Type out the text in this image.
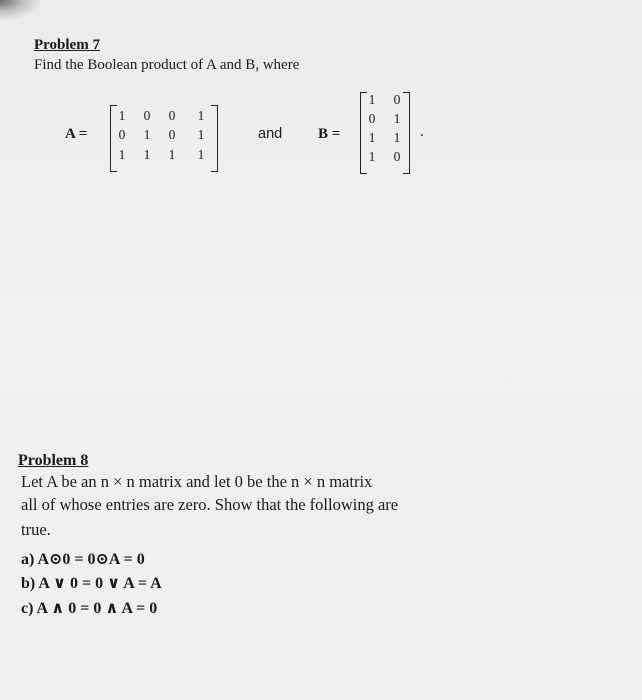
Problem 7
Find the Boolean product of A and B, where
A =
1 0 0 1
0 1 0 1
1 1 1 1
and B =
1 0
0 1
1 1
1 0
.
Problem 8
Let A be an n × n matrix and let 0 be the n × n matrix
all of whose entries are zero. Show that the following are
true.
a) A⊙0 = 0⊙A = 0
b) A ∨ 0 = 0 ∨ A = A
c) A ∧ 0 = 0 ∧ A = 0
